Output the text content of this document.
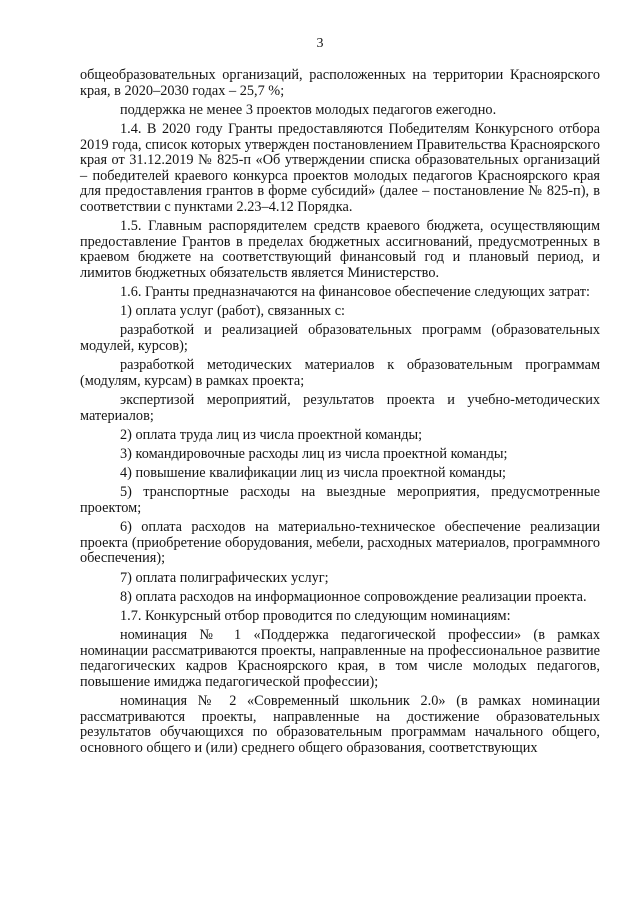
3

общеобразовательных организаций, расположенных на территории Красноярского края, в 2020–2030 годах – 25,7 %;

поддержка не менее 3 проектов молодых педагогов ежегодно.

1.4. В 2020 году Гранты предоставляются Победителям Конкурсного отбора 2019 года, список которых утвержден постановлением Правительства Красноярского края от 31.12.2019 № 825-п «Об утверждении списка образовательных организаций – победителей краевого конкурса проектов молодых педагогов Красноярского края для предоставления грантов в форме субсидий» (далее – постановление № 825-п), в соответствии с пунктами 2.23–4.12 Порядка.

1.5. Главным распорядителем средств краевого бюджета, осуществляющим предоставление Грантов в пределах бюджетных ассигнований, предусмотренных в краевом бюджете на соответствующий финансовый год и плановый период, и лимитов бюджетных обязательств является Министерство.

1.6. Гранты предназначаются на финансовое обеспечение следующих затрат:

1) оплата услуг (работ), связанных с:

разработкой и реализацией образовательных программ (образовательных модулей, курсов);

разработкой методических материалов к образовательным программам (модулям, курсам) в рамках проекта;

экспертизой мероприятий, результатов проекта и учебно-методических материалов;

2) оплата труда лиц из числа проектной команды;

3) командировочные расходы лиц из числа проектной команды;

4) повышение квалификации лиц из числа проектной команды;

5) транспортные расходы на выездные мероприятия, предусмотренные проектом;

6) оплата расходов на материально-техническое обеспечение реализации проекта (приобретение оборудования, мебели, расходных материалов, программного обеспечения);

7) оплата полиграфических услуг;

8) оплата расходов на информационное сопровождение реализации проекта.

1.7. Конкурсный отбор проводится по следующим номинациям:

номинация № 1 «Поддержка педагогической профессии» (в рамках номинации рассматриваются проекты, направленные на профессиональное развитие педагогических кадров Красноярского края, в том числе молодых педагогов, повышение имиджа педагогической профессии);

номинация № 2 «Современный школьник 2.0» (в рамках номинации рассматриваются проекты, направленные на достижение образовательных результатов обучающихся по образовательным программам начального общего, основного общего и (или) среднего общего образования, соответствующих
